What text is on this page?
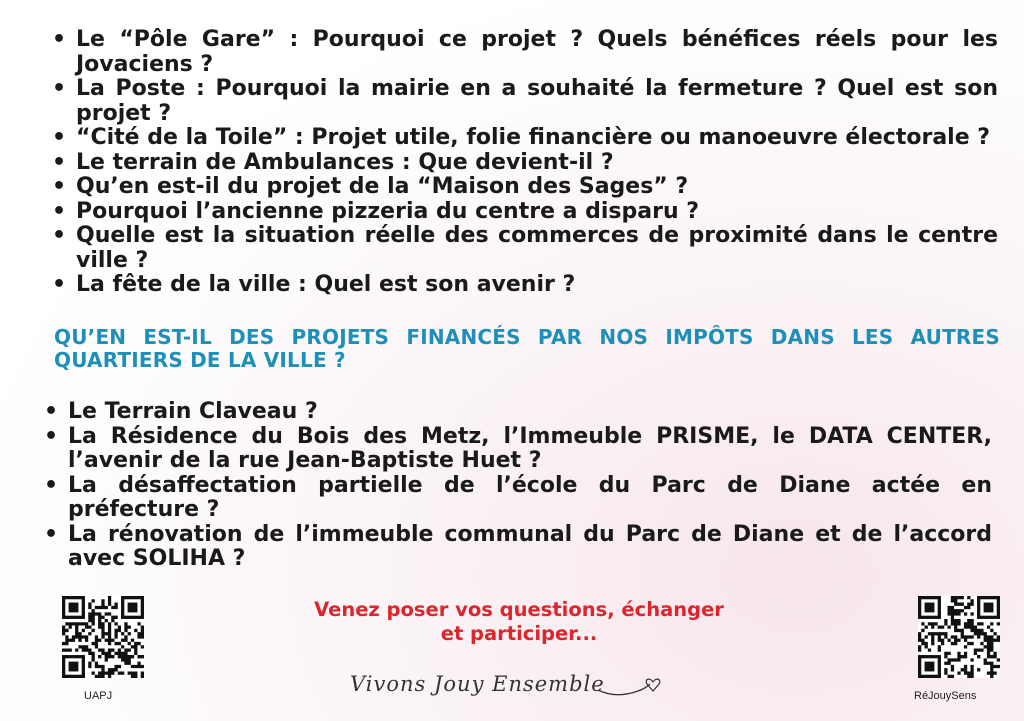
• Le “Pôle Gare” : Pourquoi ce projet ? Quels bénéfices réels pour les Jovaciens ?
• La Poste : Pourquoi la mairie en a souhaité la fermeture ? Quel est son projet ?
• “Cité de la Toile” : Projet utile, folie financière ou manoeuvre électorale ?
• Le terrain de Ambulances : Que devient-il ?
• Qu’en est-il du projet de la “Maison des Sages” ?
• Pourquoi l’ancienne pizzeria du centre a disparu ?
• Quelle est la situation réelle des commerces de proximité dans le centre ville ?
• La fête de la ville : Quel est son avenir ?
QU’EN EST-IL DES PROJETS FINANCÉS PAR NOS IMPÔTS DANS LES AUTRES QUARTIERS DE LA VILLE ?
• Le Terrain Claveau ?
• La Résidence du Bois des Metz, l’Immeuble PRISME, le DATA CENTER, l’avenir de la rue Jean-Baptiste Huet ?
• La désaffectation partielle de l’école du Parc de Diane actée en préfecture ?
• La rénovation de l’immeuble communal du Parc de Diane et de l’accord avec SOLIHA ?
UAPJ
Venez poser vos questions, échanger
et participer...
Vivons Jouy Ensemble	RéJouySens
